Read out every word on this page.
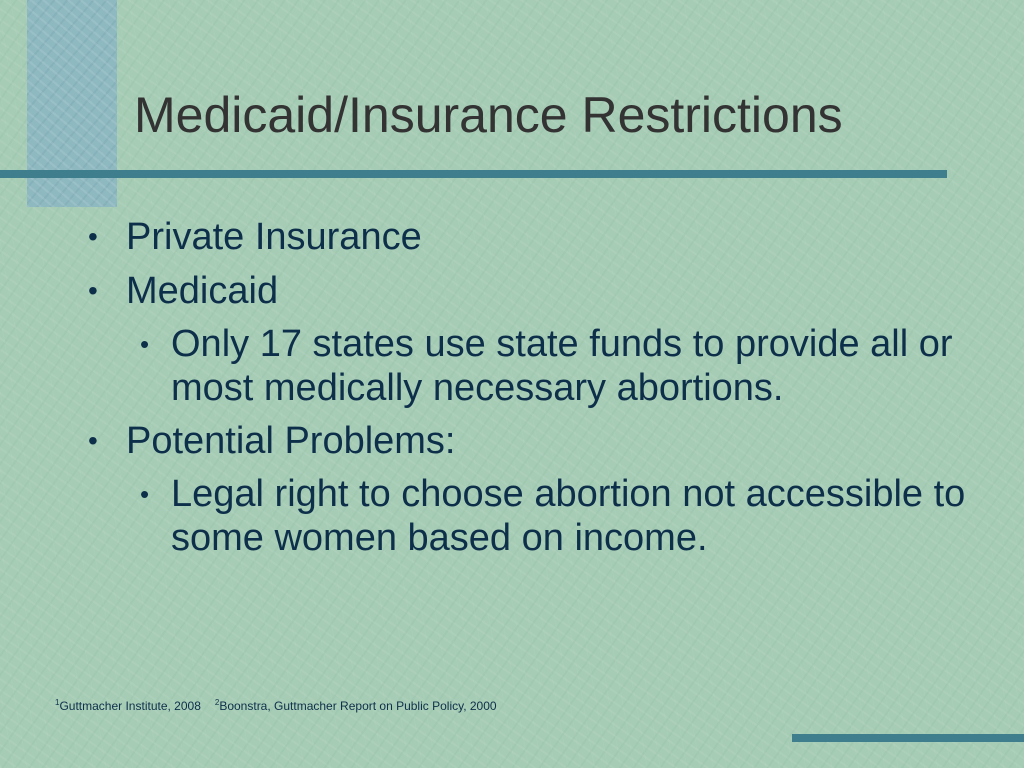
Medicaid/Insurance Restrictions
• Private Insurance
• Medicaid
• Only 17 states use state funds to provide all or most medically necessary abortions.
• Potential Problems:
• Legal right to choose abortion not accessible to some women based on income.
$^1$Guttmacher Institute, 2008 $^2$Boonstra, Guttmacher Report on Public Policy, 2000
